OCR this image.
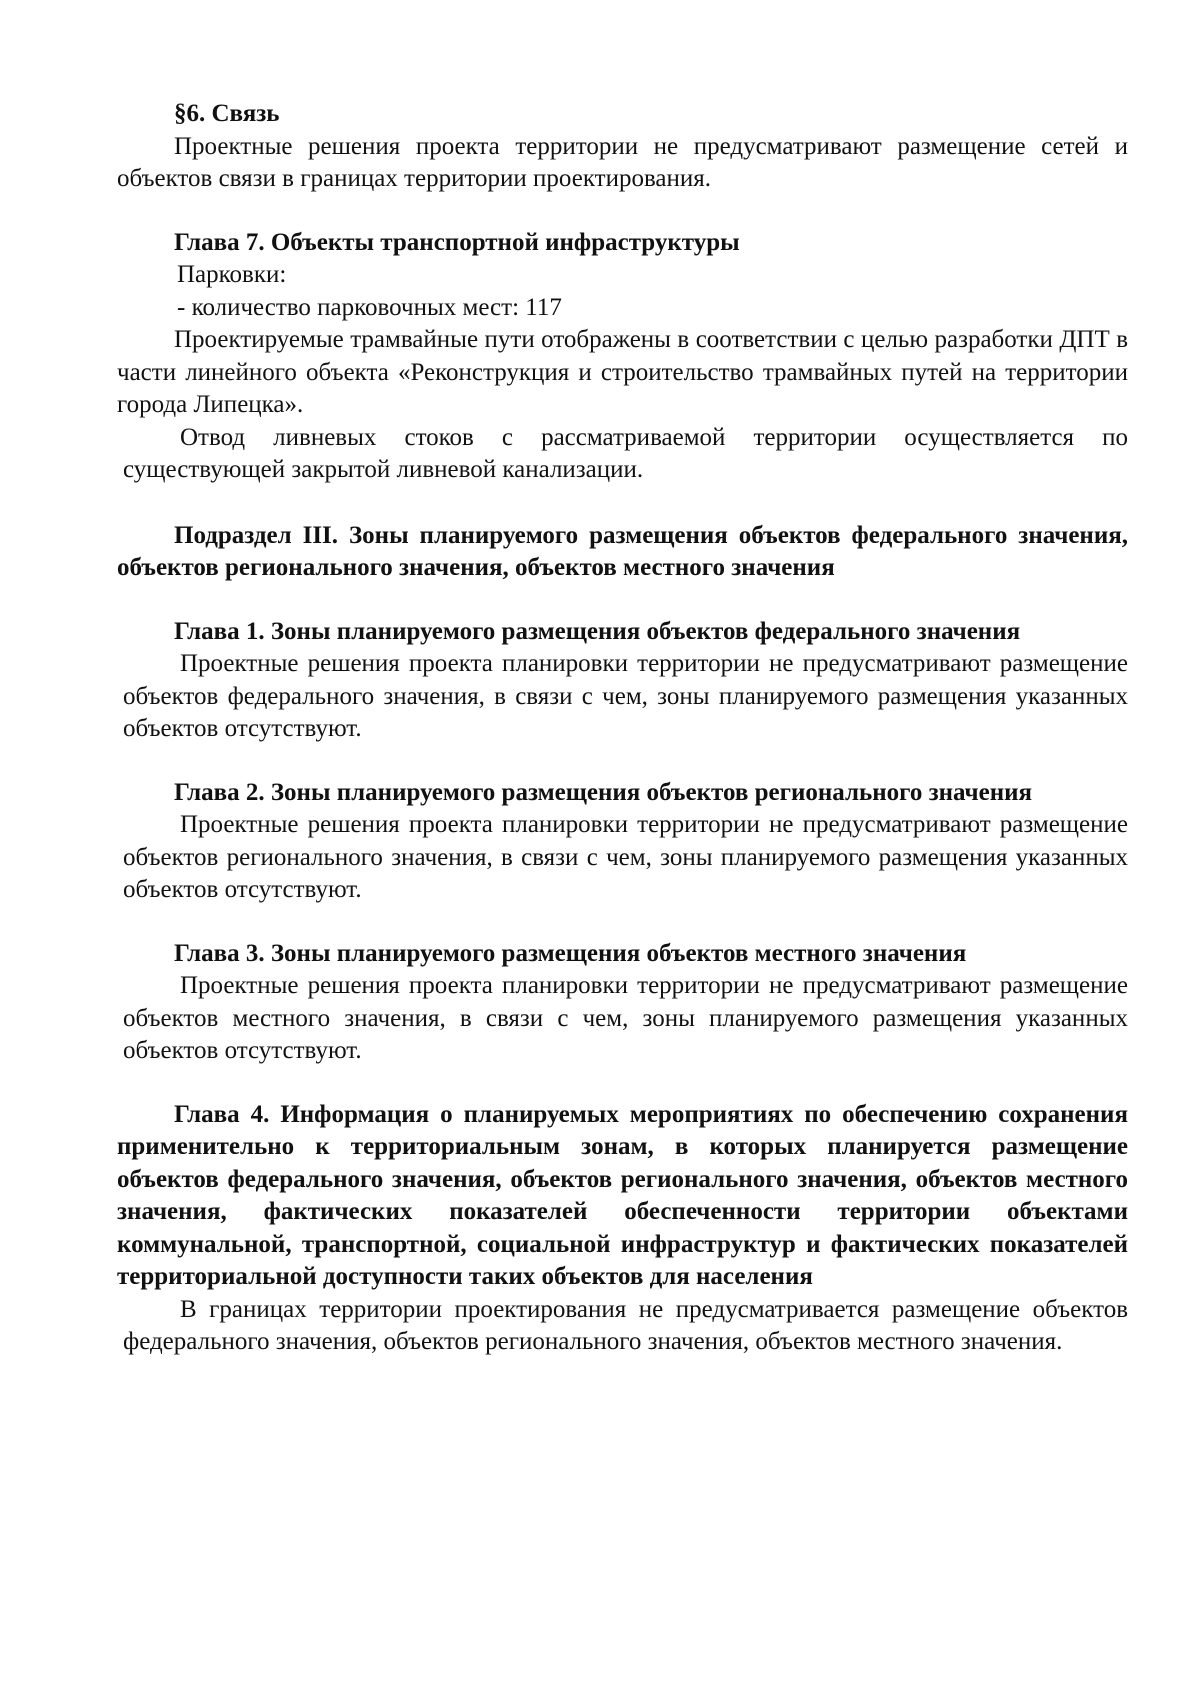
§6. Связь

Проектные решения проекта территории не предусматривают размещение сетей и объектов связи в границах территории проектирования.

Глава 7. Объекты транспортной инфраструктуры

Парковки:

- количество парковочных мест: 117

Проектируемые трамвайные пути отображены в соответствии с целью разработки ДПТ в части линейного объекта «Реконструкция и строительство трамвайных путей на территории города Липецка».

Отвод ливневых стоков с рассматриваемой территории осуществляется по существующей закрытой ливневой канализации.

Подраздел III. Зоны планируемого размещения объектов федерального значения, объектов регионального значения, объектов местного значения

Глава 1. Зоны планируемого размещения объектов федерального значения

Проектные решения проекта планировки территории не предусматривают размещение объектов федерального значения, в связи с чем, зоны планируемого размещения указанных объектов отсутствуют.

Глава 2. Зоны планируемого размещения объектов регионального значения

Проектные решения проекта планировки территории не предусматривают размещение объектов регионального значения, в связи с чем, зоны планируемого размещения указанных объектов отсутствуют.

Глава 3. Зоны планируемого размещения объектов местного значения

Проектные решения проекта планировки территории не предусматривают размещение объектов местного значения, в связи с чем, зоны планируемого размещения указанных объектов отсутствуют.

Глава 4. Информация о планируемых мероприятиях по обеспечению сохранения применительно к территориальным зонам, в которых планируется размещение объектов федерального значения, объектов регионального значения, объектов местного значения, фактических показателей обеспеченности территории объектами коммунальной, транспортной, социальной инфраструктур и фактических показателей территориальной доступности таких объектов для населения

В границах территории проектирования не предусматривается размещение объектов федерального значения, объектов регионального значения, объектов местного значения.
